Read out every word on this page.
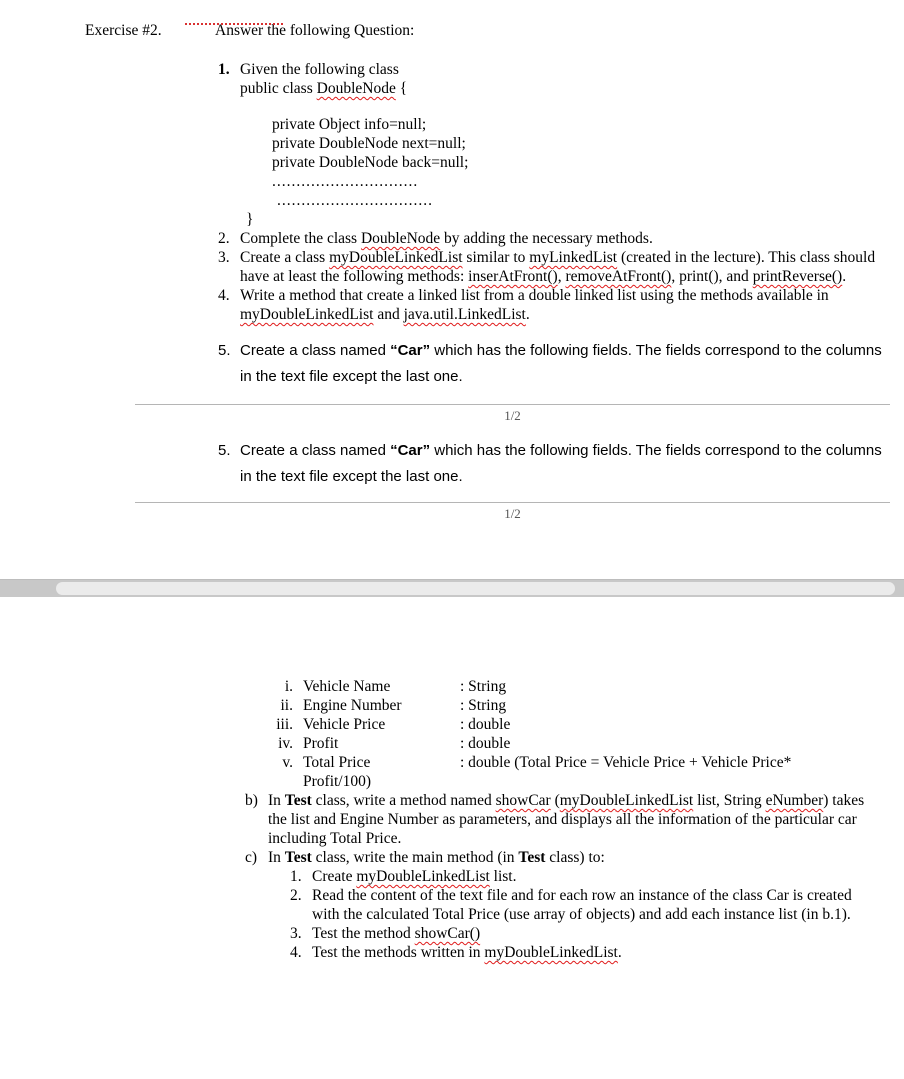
Exercise #2.	Answer the following Question:
1. Given the following class
public class DoubleNode {
private Object info=null;
private DoubleNode next=null;
private DoubleNode back=null;
..............................
................................
}
2. Complete the class DoubleNode by adding the necessary methods.
3. Create a class myDoubleLinkedList similar to myLinkedList (created in the lecture). This class should have at least the following methods: inserAtFront(), removeAtFront(), print(), and printReverse().
4. Write a method that create a linked list from a double linked list using the methods available in myDoubleLinkedList and java.util.LinkedList.
5. Create a class named “Car” which has the following fields. The fields correspond to the columns in the text file except the last one.
1/2
5. Create a class named “Car” which has the following fields. The fields correspond to the columns in the text file except the last one.
1/2
i. Vehicle Name	: String
ii. Engine Number	: String
iii. Vehicle Price	: double
iv. Profit	: double
v. Total Price	: double (Total Price = Vehicle Price + Vehicle Price*
Profit/100)
b) In Test class, write a method named showCar (myDoubleLinkedList list, String eNumber) takes the list and Engine Number as parameters, and displays all the information of the particular car including Total Price.
c) In Test class, write the main method (in Test class) to:
1. Create myDoubleLinkedList list.
2. Read the content of the text file and for each row an instance of the class Car is created with the calculated Total Price (use array of objects) and add each instance list (in b.1).
3. Test the method showCar()
4. Test the methods written in myDoubleLinkedList.
